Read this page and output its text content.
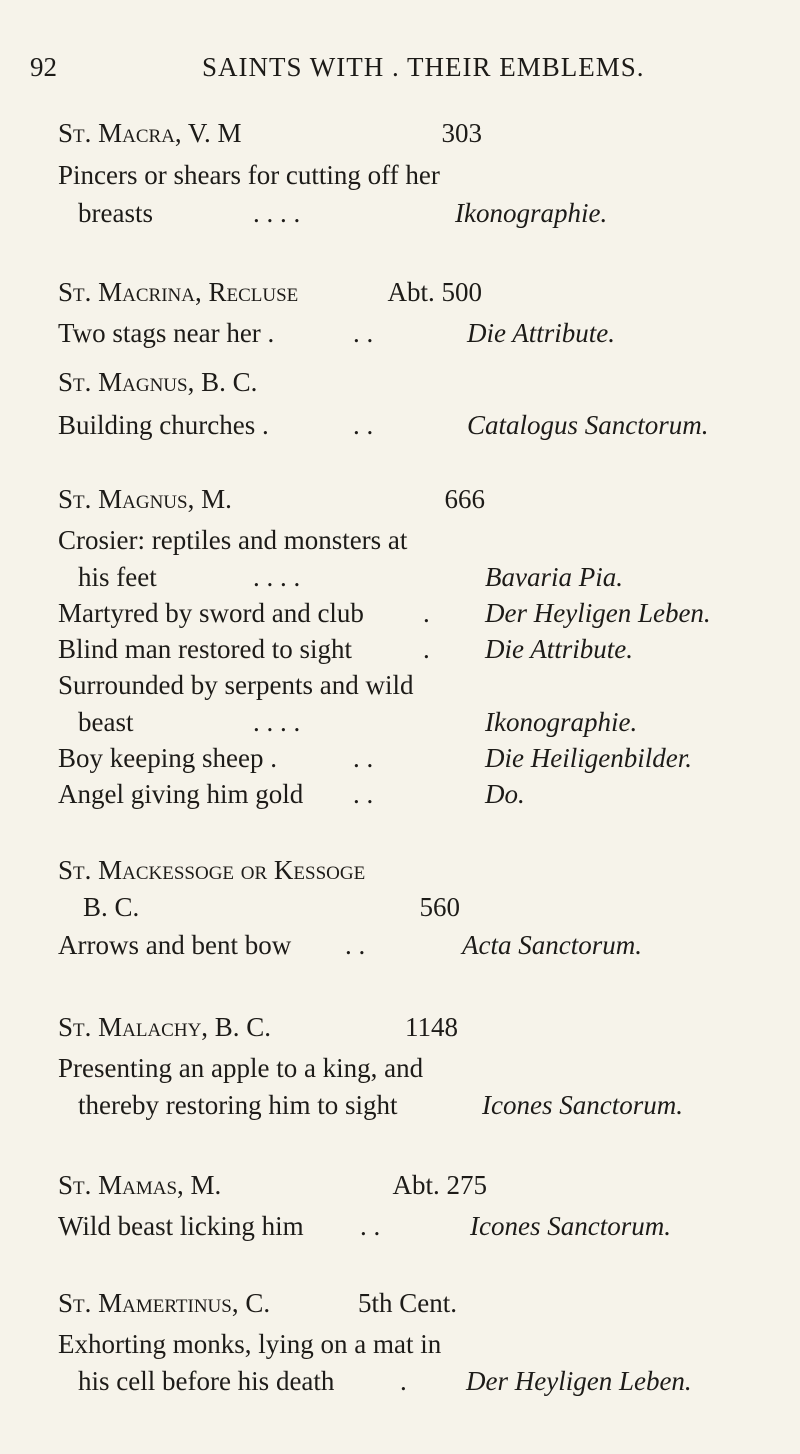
92	SAINTS WITH . THEIR EMBLEMS.
St. Macra, V. M	303
Pincers or shears for cutting off her
breasts	. . . .	Ikonographie.
St. Macrina, Recluse	Abt. 500
Two stags near her .	. .	Die Attribute.
St. Magnus, B. C.
Building churches .	. .	Catalogus Sanctorum.
St. Magnus, M.	666
Crosier: reptiles and monsters at
his feet	. . . .	Bavaria Pia.
Martyred by sword and club . Der Heyligen Leben.
Blind man restored to sight	. Die Attribute.
Surrounded by serpents and wild
beast	. . . .	Ikonographie.
Boy keeping sheep .	. .	Die Heiligenbilder.
Angel giving him gold . .	Do.
St. Mackessoge or Kessoge
B. C.	560
Arrows and bent bow . .	Acta Sanctorum.
St. Malachy, B. C.	1148
Presenting an apple to a king, and
thereby restoring him to sight	Icones Sanctorum.
St. Mamas, M.	Abt. 275
Wild beast licking him . .	Icones Sanctorum.
St. Mamertinus, C.	5th Cent.
Exhorting monks, lying on a mat in
his cell before his death . Der Heyligen Leben.
